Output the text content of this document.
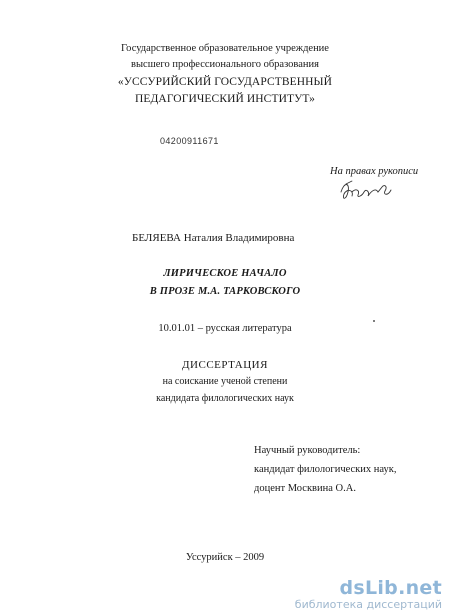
Государственное образовательное учреждение
высшего профессионального образования
«УССУРИЙСКИЙ ГОСУДАРСТВЕННЫЙ
ПЕДАГОГИЧЕСКИЙ ИНСТИТУТ»
04200911671
На правах рукописи
БЕЛЯЕВА Наталия Владимировна
ЛИРИЧЕСКОЕ НАЧАЛО
В ПРОЗЕ М.А. ТАРКОВСКОГО
10.01.01 – русская литература
ДИССЕРТАЦИЯ
на соискание ученой степени
кандидата филологических наук
Научный руководитель:
кандидат филологических наук,
доцент Москвина О.А.
Уссурийск – 2009
dsLib.net
библиотека диссертаций
